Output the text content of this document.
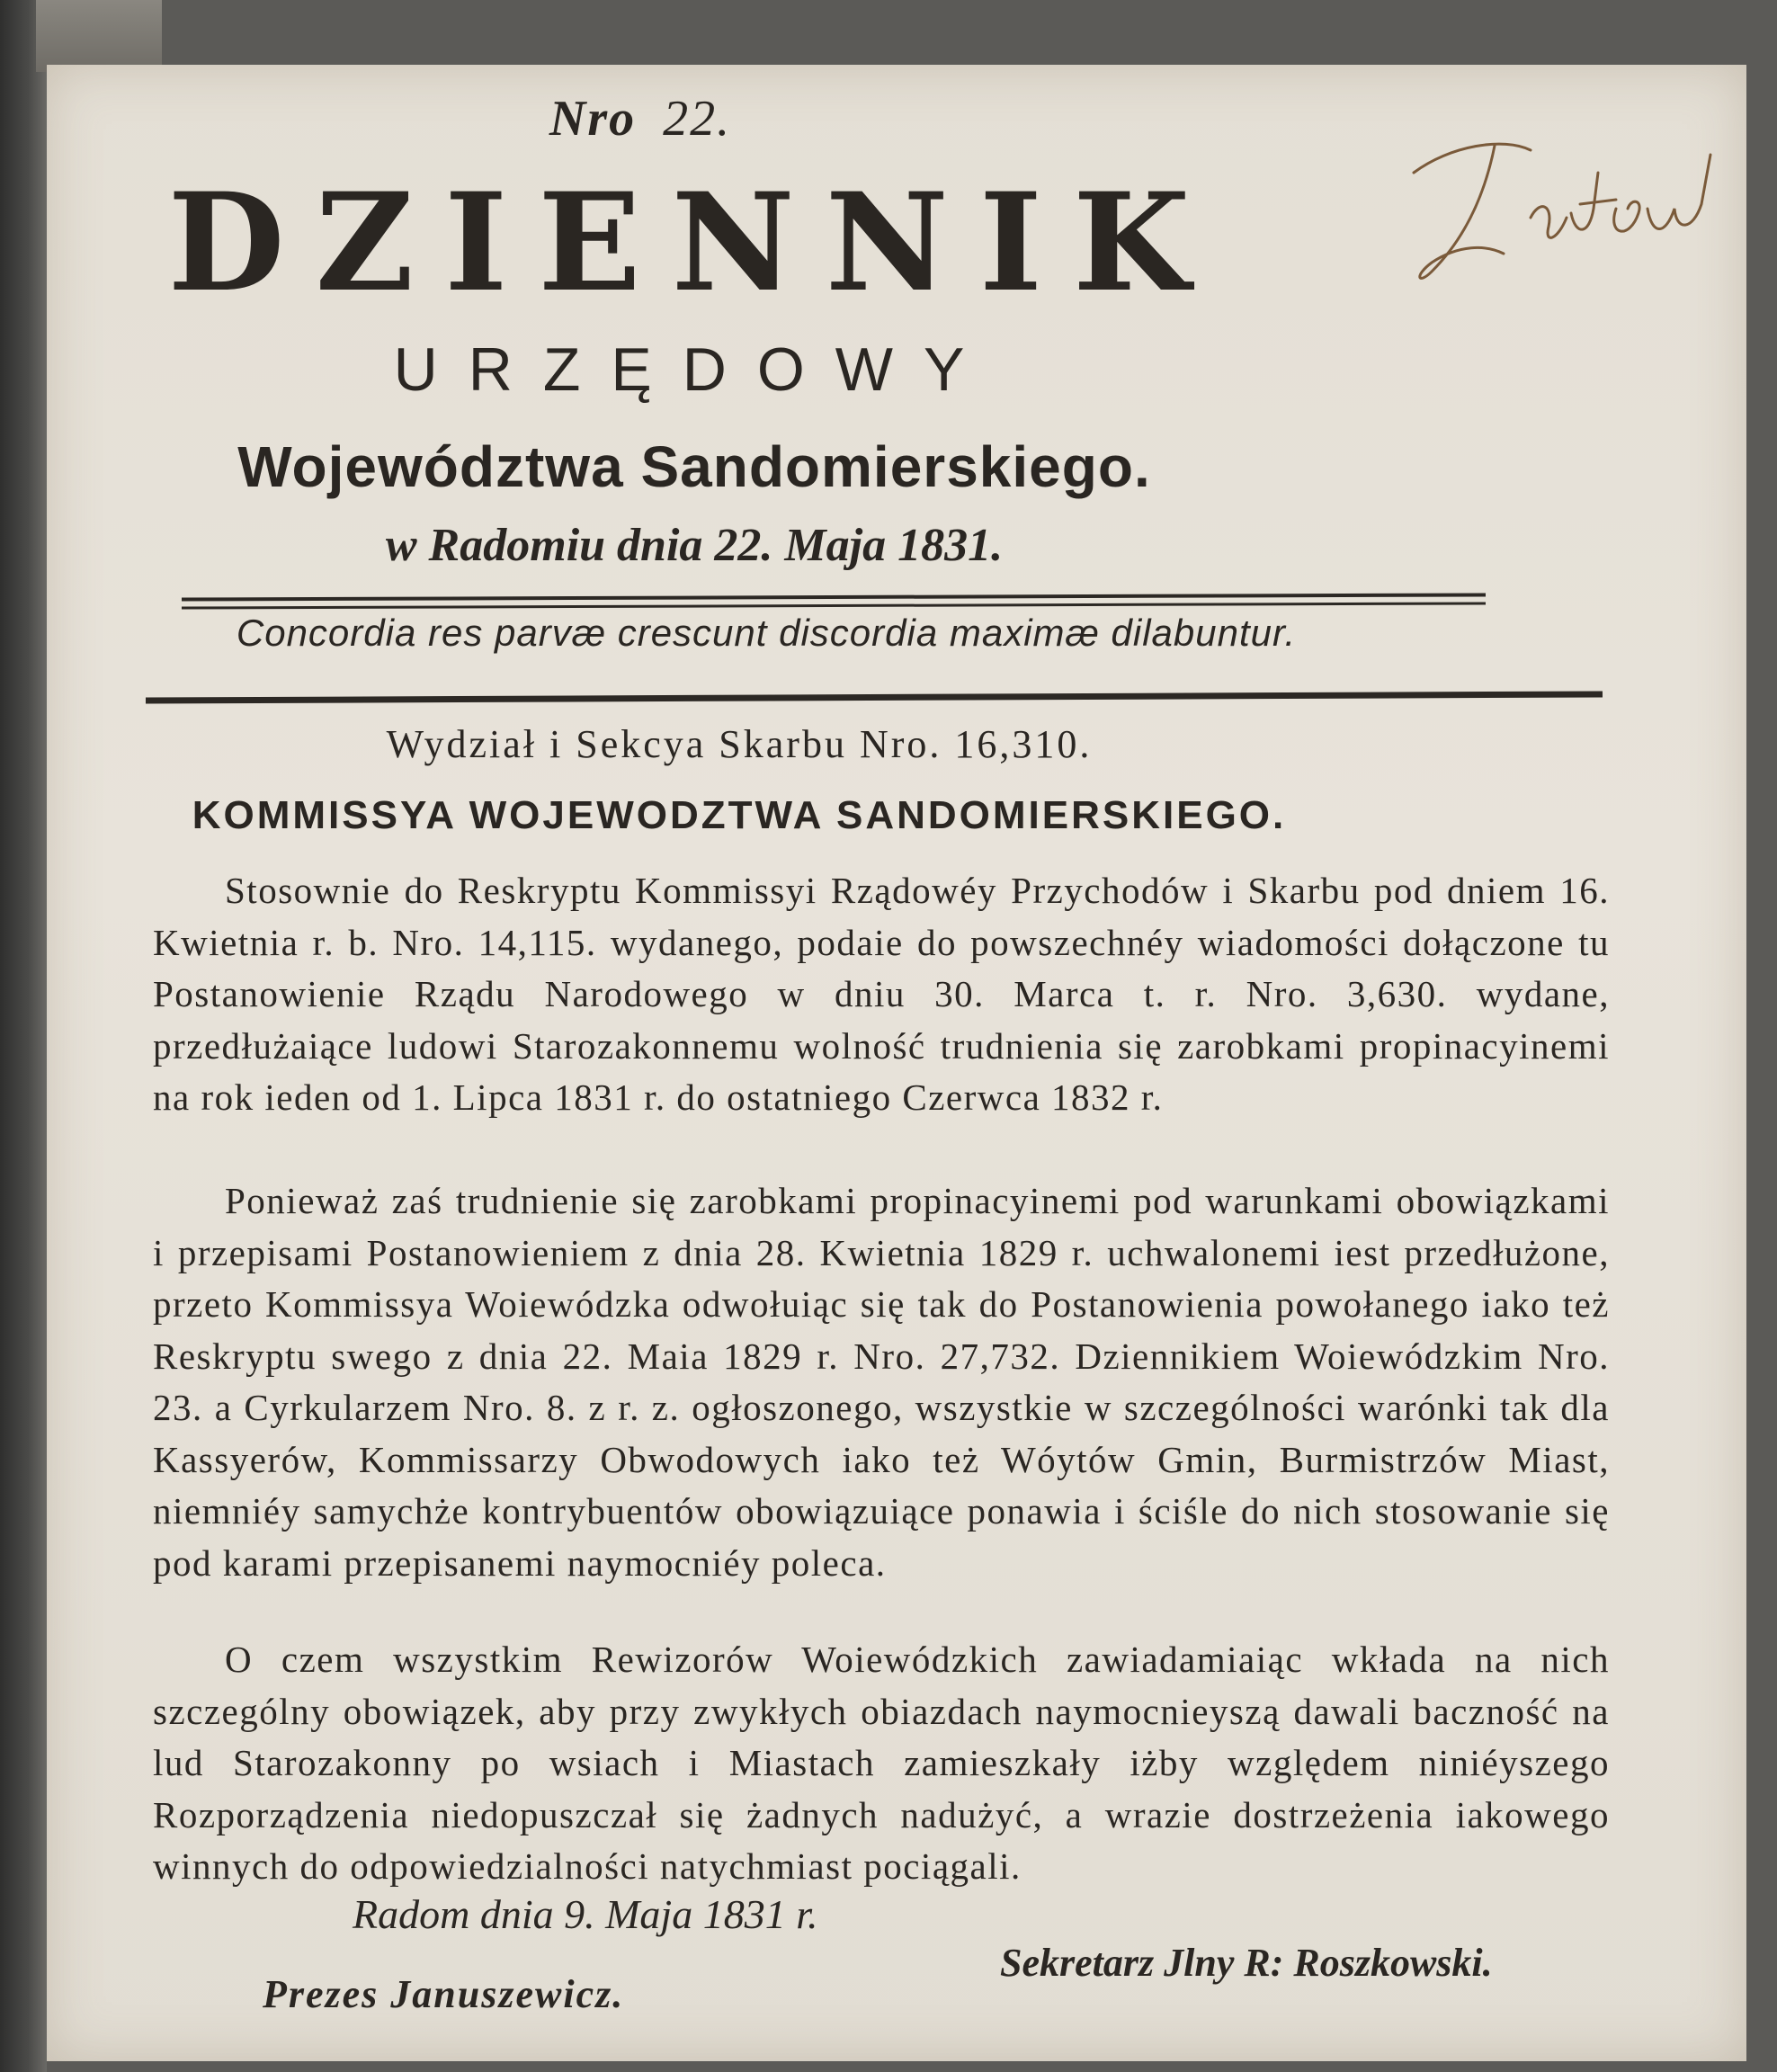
Nro 22.
DZIENNIK
URZĘDOWY
Województwa Sandomierskiego.
w Radomiu dnia 22. Maja 1831.
Concordia res parvæ crescunt discordia maximæ dilabuntur.
Wydział i Sekcya Skarbu Nro. 16,310.
KOMMISSYA WOJEWODZTWA SANDOMIERSKIEGO.
Stosownie do Reskryptu Kommissyi Rządowéy Przychodów i Skarbu pod dniem 16. Kwietnia r. b. Nro. 14,115. wydanego, podaie do powszechnéy wiadomości dołączone tu Postanowienie Rządu Narodowego w dniu 30. Marca t. r. Nro. 3,630. wydane, przedłużaiące ludowi Starozakonnemu wolność trudnienia się zarobkami propinacyinemi na rok ieden od 1. Lipca 1831 r. do ostatniego Czerwca 1832 r.
Ponieważ zaś trudnienie się zarobkami propinacyinemi pod warunkami obowiązkami i przepisami Postanowieniem z dnia 28. Kwietnia 1829 r. uchwalonemi iest przedłużone, przeto Kommissya Woiewódzka odwołuiąc się tak do Postanowienia powołanego iako też Reskryptu swego z dnia 22. Maia 1829 r. Nro. 27,732. Dziennikiem Woiewódzkim Nro. 23. a Cyrkularzem Nro. 8. z r. z. ogłoszonego, wszystkie w szczególności warónki tak dla Kassyerów, Kommissarzy Obwodowych iako też Wóytów Gmin, Burmistrzów Miast, niemniéy samychże kontrybuentów obowiązuiące ponawia i ściśle do nich stosowanie się pod karami przepisanemi naymocniéy poleca.
O czem wszystkim Rewizorów Woiewódzkich zawiadamiaiąc wkłada na nich szczególny obowiązek, aby przy zwykłych obiazdach naymocnieyszą dawali baczność na lud Starozakonny po wsiach i Miastach zamieszkały iżby względem niniéyszego Rozporządzenia niedopuszczał się żadnych nadużyć, a wrazie dostrzeżenia iakowego winnych do odpowiedzialności natychmiast pociągali.
Radom dnia 9. Maja 1831 r.
Prezes Januszewicz.
Sekretarz Jlny R: Roszkowski.
